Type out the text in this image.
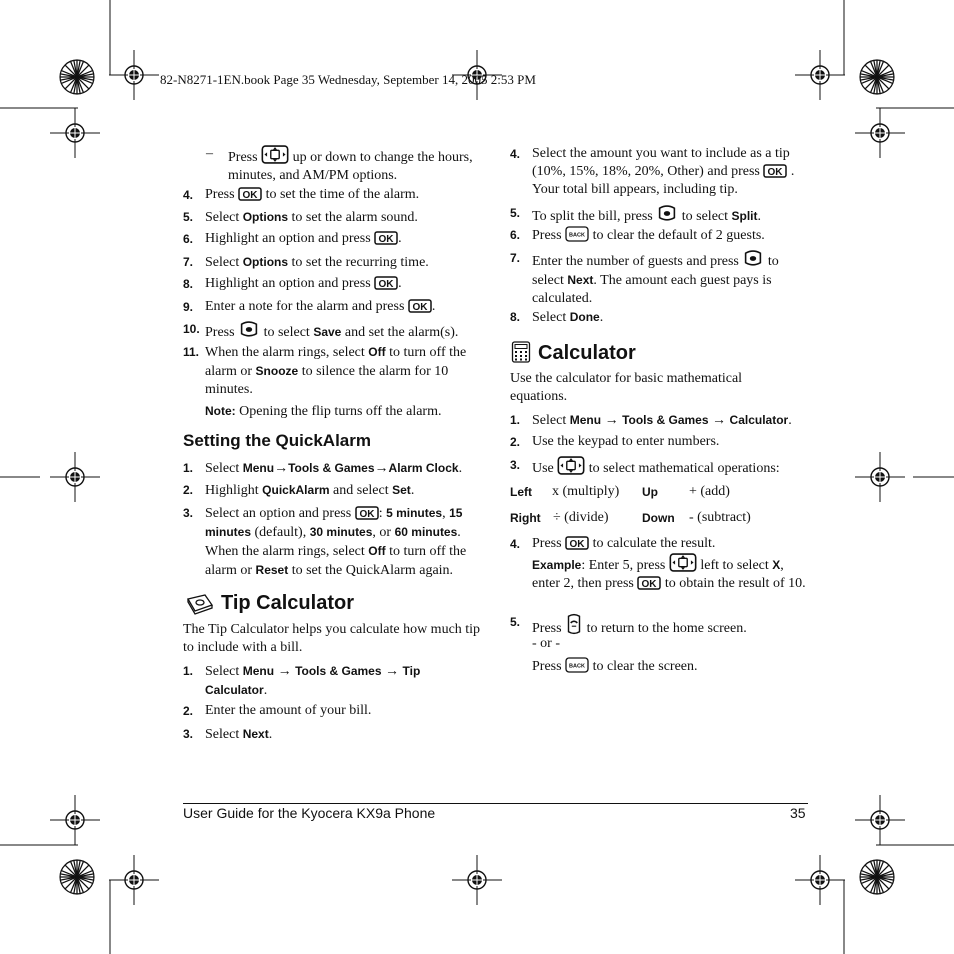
82-N8271-1EN.book Page 35 Wednesday, September 14, 2005 2:53 PM
– Press	up or down to change the hours, minutes, and AM/PM options.
4. Press to set the time of the alarm.
5. Select Options to set the alarm sound.
6. Highlight an option and press .
7. Select Options to set the recurring time.
8. Highlight an option and press .
9. Enter a note for the alarm and press .
10. Press to select Save and set the alarm(s).
11. When the alarm rings, select Off to turn off the alarm or Snooze to silence the alarm for 10 minutes.
Note: Opening the flip turns off the alarm.
Setting the QuickAlarm
1. Select Menu→Tools & Games→Alarm Clock.
2. Highlight QuickAlarm and select Set.
3. Select an option and press : 5 minutes, 15 minutes (default), 30 minutes, or 60 minutes. When the alarm rings, select Off to turn off the alarm or Reset to set the QuickAlarm again.
Tip Calculator
The Tip Calculator helps you calculate how much tip to include with a bill.
1. Select Menu → Tools & Games → Tip Calculator.
2. Enter the amount of your bill.
3. Select Next.
4. Select the amount you want to include as a tip (10%, 15%, 18%, 20%, Other) and press . Your total bill appears, including tip.
5. To split the bill, press to select Split.
6. Press to clear the default of 2 guests.
7. Enter the number of guests and press to select Next. The amount each guest pays is calculated.
8. Select Done.
Calculator
Use the calculator for basic mathematical equations.
1. Select Menu → Tools & Games → Calculator.
2. Use the keypad to enter numbers.
3. Use	to select mathematical operations:
Left x (multiply) Up + (add)
Right ÷ (divide)	Down - (subtract)
4. Press to calculate the result.
Example: Enter 5, press	left to select X, enter 2, then press to obtain the result of 10.
5. Press to return to the home screen.
- or -
Press to clear the screen.
User Guide for the Kyocera KX9a Phone	35
